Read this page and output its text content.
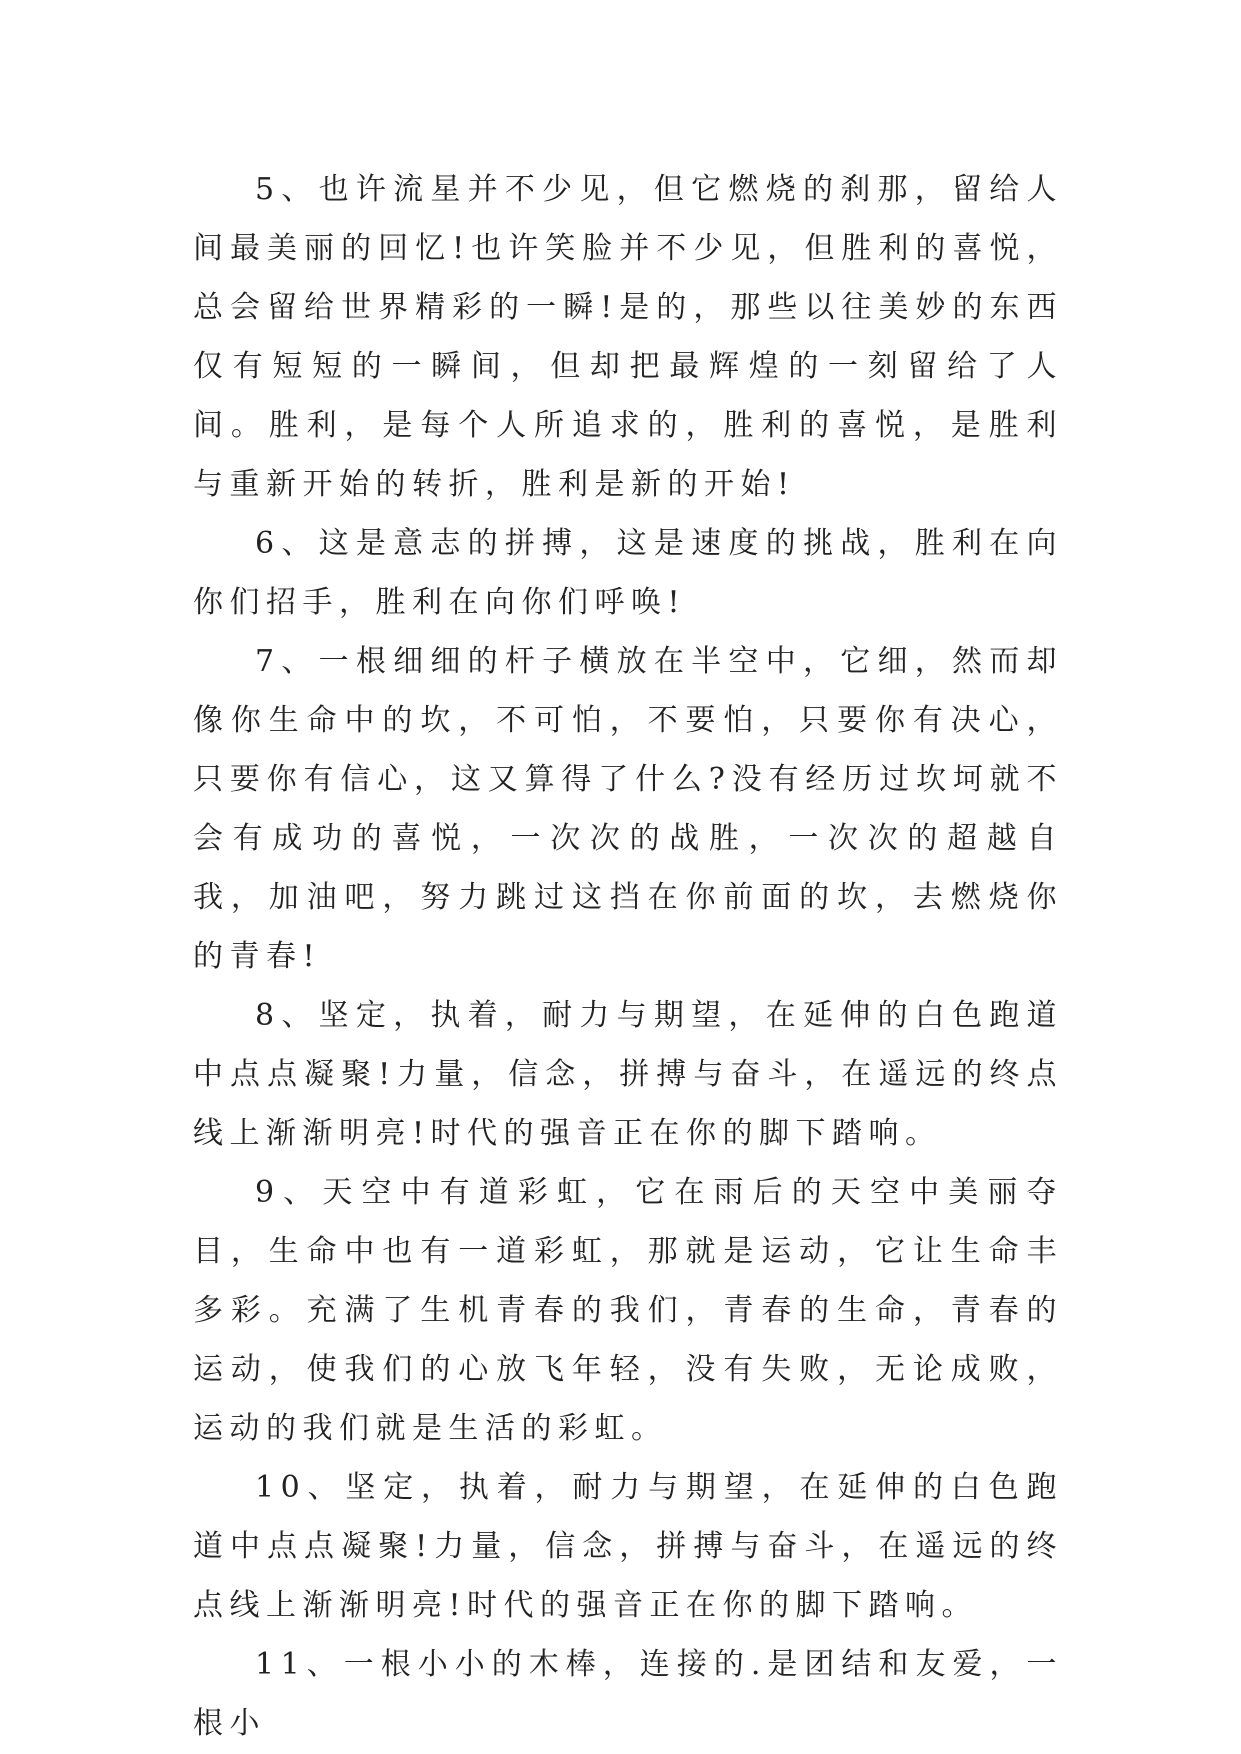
5、也许流星并不少见，但它燃烧的刹那，留给人间最美丽的回忆!也许笑脸并不少见，但胜利的喜悦，总会留给世界精彩的一瞬!是的，那些以往美妙的东西仅有短短的一瞬间，但却把最辉煌的一刻留给了人间。胜利，是每个人所追求的，胜利的喜悦，是胜利与重新开始的转折，胜利是新的开始!

6、这是意志的拼搏，这是速度的挑战，胜利在向你们招手，胜利在向你们呼唤!

7、一根细细的杆子横放在半空中，它细，然而却像你生命中的坎，不可怕，不要怕，只要你有决心，只要你有信心，这又算得了什么?没有经历过坎坷就不会有成功的喜悦，一次次的战胜，一次次的超越自我，加油吧，努力跳过这挡在你前面的坎，去燃烧你的青春!

8、坚定，执着，耐力与期望，在延伸的白色跑道中点点凝聚!力量，信念，拼搏与奋斗，在遥远的终点线上渐渐明亮!时代的强音正在你的脚下踏响。

9、天空中有道彩虹，它在雨后的天空中美丽夺目，生命中也有一道彩虹，那就是运动，它让生命丰多彩。充满了生机青春的我们，青春的生命，青春的运动，使我们的心放飞年轻，没有失败，无论成败，运动的我们就是生活的彩虹。

10、坚定，执着，耐力与期望，在延伸的白色跑道中点点凝聚!力量，信念，拼搏与奋斗，在遥远的终点线上渐渐明亮!时代的强音正在你的脚下踏响。

11、一根小小的木棒，连接的.是团结和友爱，一根小
